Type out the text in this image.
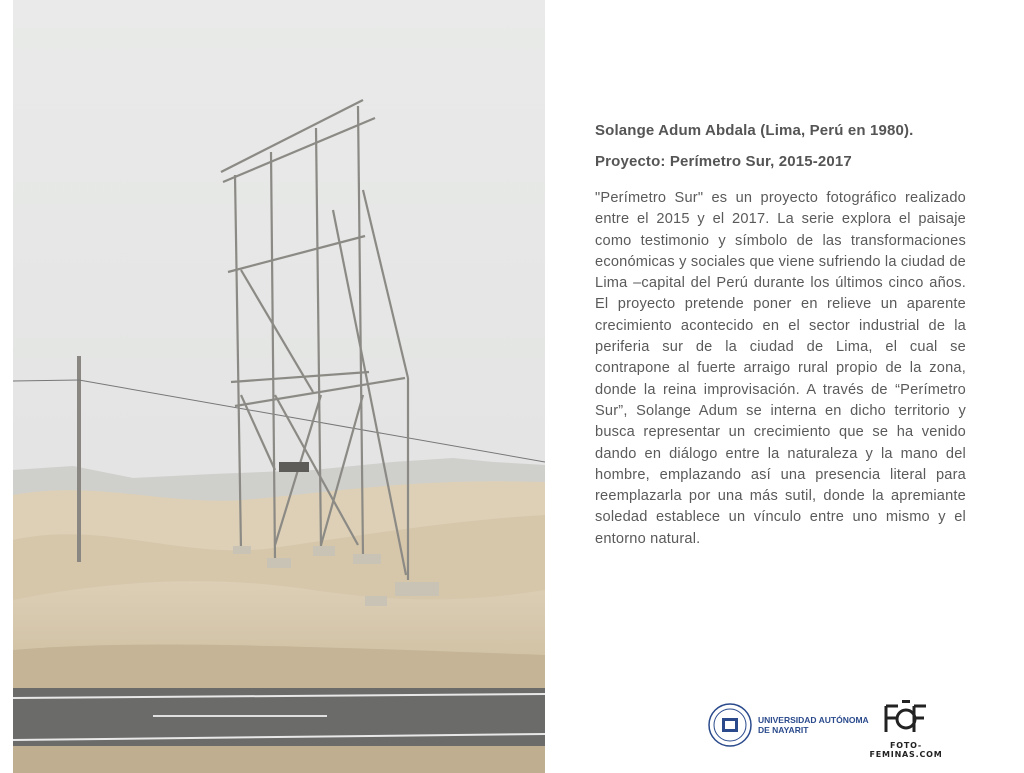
Solange Adum Abdala (Lima, Perú en 1980).

Proyecto: Perímetro Sur, 2015-2017

"Perímetro Sur" es un proyecto fotográfico realizado entre el 2015 y el 2017. La serie explora el paisaje como testimonio y símbolo de las transformaciones económicas y sociales que viene sufriendo la ciudad de Lima –capital del Perú durante los últimos cinco años. El proyecto pretende poner en relieve un aparente crecimiento acontecido en el sector industrial de la periferia sur de la ciudad de Lima, el cual se contrapone al fuerte arraigo rural propio de la zona, donde la reina improvisación. A través de “Perímetro Sur”, Solange Adum se interna en dicho territorio y busca representar un crecimiento que se ha venido dando en diálogo entre la naturaleza y la mano del hombre, emplazando así una presencia literal para reemplazarla por una más sutil, donde la apremiante soledad establece un vínculo entre uno mismo y el entorno natural.

UNIVERSIDAD AUTÓNOMA
DE NAYARIT
FOTO-FEMINAS.COM
